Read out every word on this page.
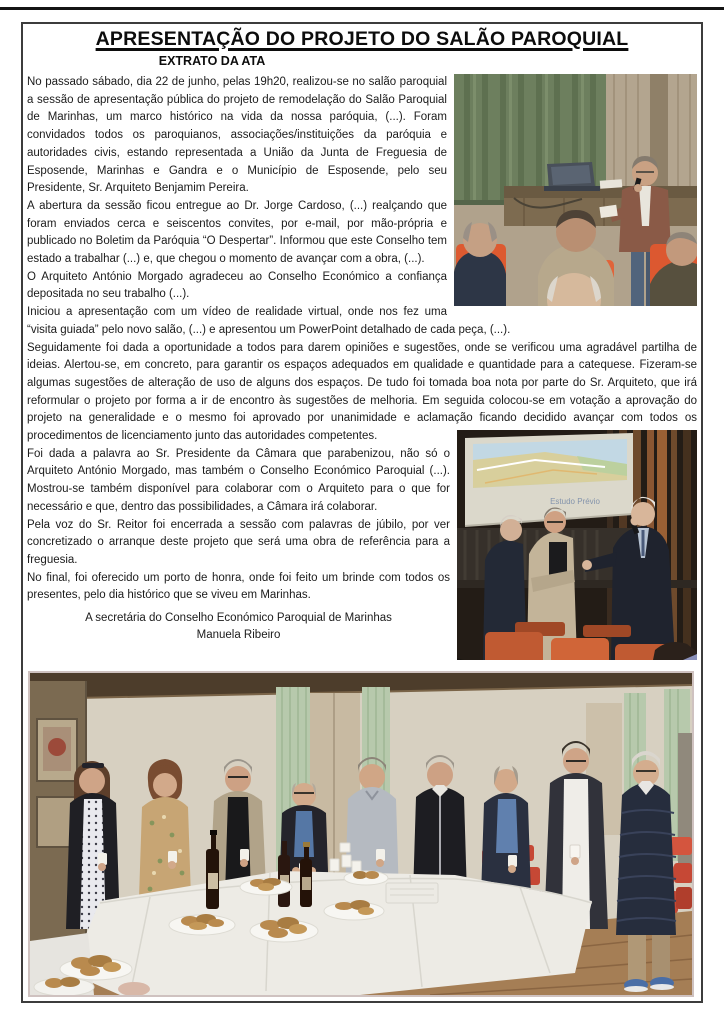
APRESENTAÇÃO DO PROJETO DO SALÃO PAROQUIAL
EXTRATO DA ATA

No passado sábado, dia 22 de junho, pelas 19h20, realizou-se no salão paroquial a sessão de apresentação pública do projeto de remodelação do Salão Paroquial de Marinhas, um marco histórico na vida da nossa paróquia, (...). Foram convidados todos os paroquianos, associações/instituições da paróquia e autoridades civis, estando representada a União da Junta de Freguesia de Esposende, Marinhas e Gandra e o Município de Esposende, pelo seu Presidente, Sr. Arquiteto Benjamim Pereira.

A abertura da sessão ficou entregue ao Dr. Jorge Cardoso, (...) realçando que foram enviados cerca e seiscentos convites, por e-mail, por mão-própria e publicado no Boletim da Paróquia “O Despertar”. Informou que este Conselho tem estado a trabalhar (...) e, que chegou o momento de avançar com a obra, (...).

O Arquiteto António Morgado agradeceu ao Conselho Económico a confiança depositada no seu trabalho (...).

Iniciou a apresentação com um vídeo de realidade virtual, onde nos fez uma “visita guiada” pelo novo salão, (...) e apresentou um PowerPoint detalhado de cada peça, (...).

Seguidamente foi dada a oportunidade a todos para darem opiniões e sugestões, onde se verificou uma agradável partilha de ideias. Alertou-se, em concreto, para garantir os espaços adequados em qualidade e quantidade para a catequese. Fizeram-se algumas sugestões de alteração de uso de alguns dos espaços. De tudo foi tomada boa nota por parte do Sr. Arquiteto, que irá reformular o projeto por forma a ir de encontro às sugestões de melhoria. Em seguida colocou-se em votação a aprovação do projeto na generalidade e o mesmo foi aprovado por unanimidade e aclamação ficando decidido
Estudo Prévio
avançar com todos os procedimentos de licenciamento junto das autoridades competentes.

Foi dada a palavra ao Sr. Presidente da Câmara que parabenizou, não só o Arquiteto António Morgado, mas também o Conselho Económico Paroquial (...). Mostrou-se também disponível para colaborar com o Arquiteto para o que for necessário e que, dentro das possibilidades, a Câmara irá colaborar.

Pela voz do Sr. Reitor foi encerrada a sessão com palavras de júbilo, por ver concretizado o arranque deste projeto que será uma obra de referência para a freguesia.

No final, foi oferecido um porto de honra, onde foi feito um brinde com todos os presentes, pelo dia histórico que se viveu em Marinhas.

A secretária do Conselho Económico Paroquial de Marinhas
Manuela Ribeiro
